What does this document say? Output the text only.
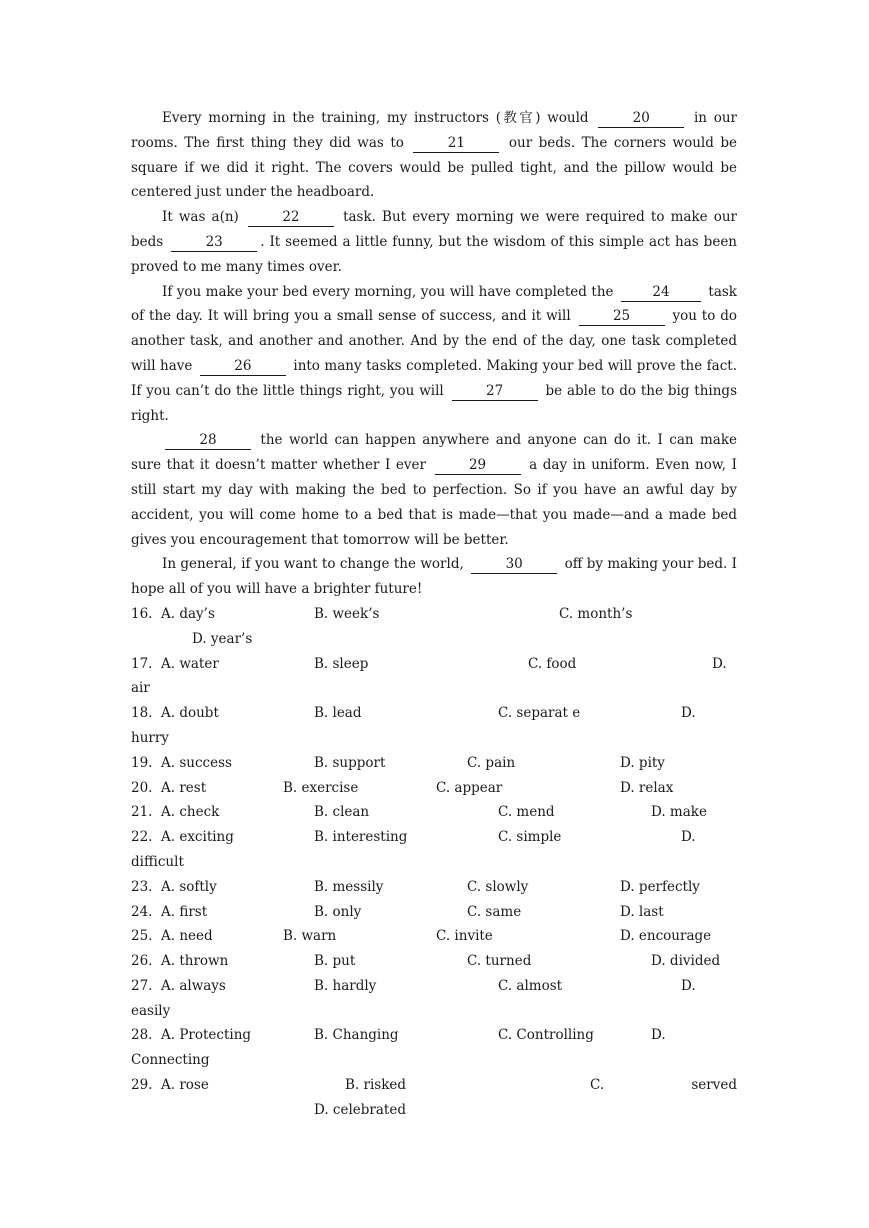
Every morning in the training, my instructors (教官) would	20	in our rooms. The first thing they did was to	21	our beds. The corners would be square if we did it right. The covers would be pulled tight, and the pillow would be centered just under the headboard.

It was a(n)	22	task. But every morning we were required to make our beds	23	. It seemed a little funny, but the wisdom of this simple act has been proved to me many times over.

If you make your bed every morning, you will have completed the	24	task of the day. It will bring you a small sense of success, and it will	25	you to do another task, and another and another. And by the end of the day, one task completed will have	26	into many tasks completed. Making your bed will prove the fact. If you can’t do the little things right, you will	27	be able to do the big things right.

28	the world can happen anywhere and anyone can do it. I can make sure that it doesn’t matter whether I ever	29	a day in uniform. Even now, I still start my day with making the bed to perfection. So if you have an awful day by accident, you will come home to a bed that is made—that you made—and a made bed gives you encouragement that tomorrow will be better.

In general, if you want to change the world,	30	off by making your bed. I hope all of you will have a brighter future!

16. A. day’s	B. week’s	C. month’s
D. year’s
17. A. water	B. sleep	C. food	D.
air
18. A. doubt	B. lead	C. separat e	D.
hurry
19. A. success	B. support	C. pain	D. pity
20. A. rest	B. exercise	C. appear	D. relax
21. A. check	B. clean	C. mend	D. make
22. A. exciting	B. interesting	C. simple	D.
difficult
23. A. softly	B. messily	C. slowly	D. perfectly
24. A. first	B. only	C. same	D. last
25. A. need	B. warn	C. invite	D. encourage
26. A. thrown	B. put	C. turned	D. divided
27. A. always	B. hardly	C. almost	D.
easily
28. A. Protecting	B. Changing	C. Controlling	D.
Connecting
29. A. rose	B. risked	C.	served
D. celebrated
